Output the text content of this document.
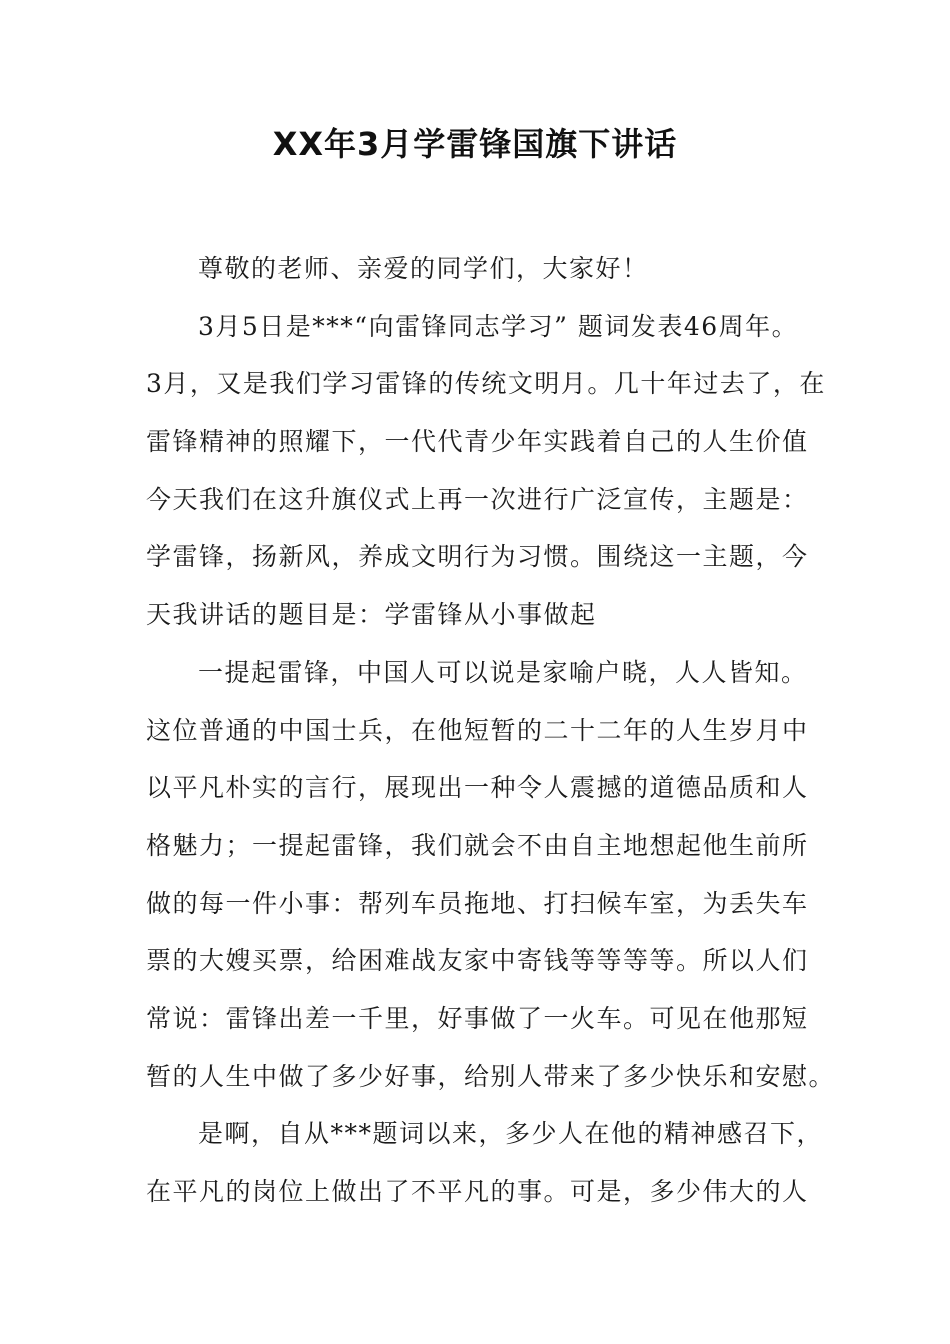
XX年3月学雷锋国旗下讲话
尊敬的老师、亲爱的同学们，大家好！
3月5日是***“向雷锋同志学习” 题词发表46周年。
3月，又是我们学习雷锋的传统文明月。几十年过去了，在
雷锋精神的照耀下，一代代青少年实践着自己的人生价值
今天我们在这升旗仪式上再一次进行广泛宣传，主题是：
学雷锋，扬新风，养成文明行为习惯。围绕这一主题，今
天我讲话的题目是：学雷锋从小事做起
一提起雷锋，中国人可以说是家喻户晓，人人皆知。
这位普通的中国士兵，在他短暂的二十二年的人生岁月中
以平凡朴实的言行，展现出一种令人震撼的道德品质和人
格魅力；一提起雷锋，我们就会不由自主地想起他生前所
做的每一件小事：帮列车员拖地、打扫候车室，为丢失车
票的大嫂买票，给困难战友家中寄钱等等等等。所以人们
常说：雷锋出差一千里，好事做了一火车。可见在他那短
暂的人生中做了多少好事，给别人带来了多少快乐和安慰。
是啊，自从***题词以来，多少人在他的精神感召下，
在平凡的岗位上做出了不平凡的事。可是，多少伟大的人
